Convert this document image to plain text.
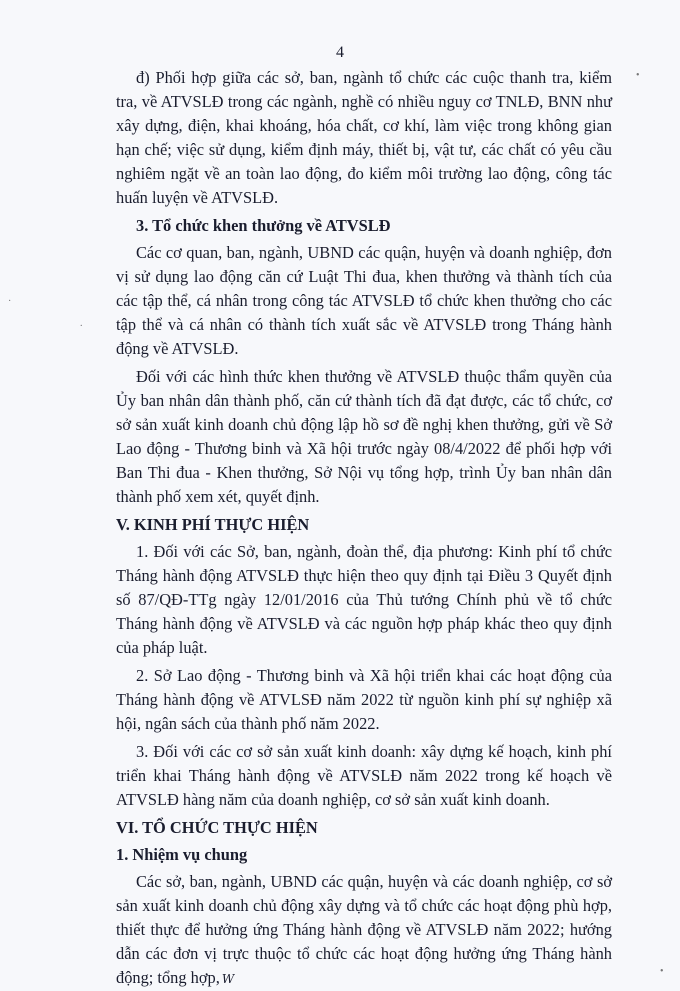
4
•
·
.
•

đ) Phối hợp giữa các sở, ban, ngành tổ chức các cuộc thanh tra, kiểm tra, về ATVSLĐ trong các ngành, nghề có nhiều nguy cơ TNLĐ, BNN như xây dựng, điện, khai khoáng, hóa chất, cơ khí, làm việc trong không gian hạn chế; việc sử dụng, kiểm định máy, thiết bị, vật tư, các chất có yêu cầu nghiêm ngặt về an toàn lao động, đo kiểm môi trường lao động, công tác huấn luyện về ATVSLĐ.

3. Tổ chức khen thưởng về ATVSLĐ

Các cơ quan, ban, ngành, UBND các quận, huyện và doanh nghiệp, đơn vị sử dụng lao động căn cứ Luật Thi đua, khen thưởng và thành tích của các tập thể, cá nhân trong công tác ATVSLĐ tổ chức khen thưởng cho các tập thể và cá nhân có thành tích xuất sắc về ATVSLĐ trong Tháng hành động về ATVSLĐ.

Đối với các hình thức khen thưởng về ATVSLĐ thuộc thẩm quyền của Ủy ban nhân dân thành phố, căn cứ thành tích đã đạt được, các tổ chức, cơ sở sản xuất kinh doanh chủ động lập hồ sơ đề nghị khen thưởng, gửi về Sở Lao động - Thương binh và Xã hội trước ngày 08/4/2022 để phối hợp với Ban Thi đua - Khen thưởng, Sở Nội vụ tổng hợp, trình Ủy ban nhân dân thành phố xem xét, quyết định.

V. KINH PHÍ THỰC HIỆN

1. Đối với các Sở, ban, ngành, đoàn thể, địa phương: Kinh phí tổ chức Tháng hành động ATVSLĐ thực hiện theo quy định tại Điều 3 Quyết định số 87/QĐ-TTg ngày 12/01/2016 của Thủ tướng Chính phủ về tổ chức Tháng hành động về ATVSLĐ và các nguồn hợp pháp khác theo quy định của pháp luật.

2. Sở Lao động - Thương binh và Xã hội triển khai các hoạt động của Tháng hành động về ATVLSĐ năm 2022 từ nguồn kinh phí sự nghiệp xã hội, ngân sách của thành phố năm 2022.

3. Đối với các cơ sở sản xuất kinh doanh: xây dựng kế hoạch, kinh phí triển khai Tháng hành động về ATVSLĐ năm 2022 trong kế hoạch về ATVSLĐ hàng năm của doanh nghiệp, cơ sở sản xuất kinh doanh.

VI. TỔ CHỨC THỰC HIỆN

1. Nhiệm vụ chung

Các sở, ban, ngành, UBND các quận, huyện và các doanh nghiệp, cơ sở sản xuất kinh doanh chủ động xây dựng và tổ chức các hoạt động phù hợp, thiết thực để hưởng ứng Tháng hành động về ATVSLĐ năm 2022; hướng dẫn các đơn vị trực thuộc tổ chức các hoạt động hưởng ứng Tháng hành động; tổng hợp, W
